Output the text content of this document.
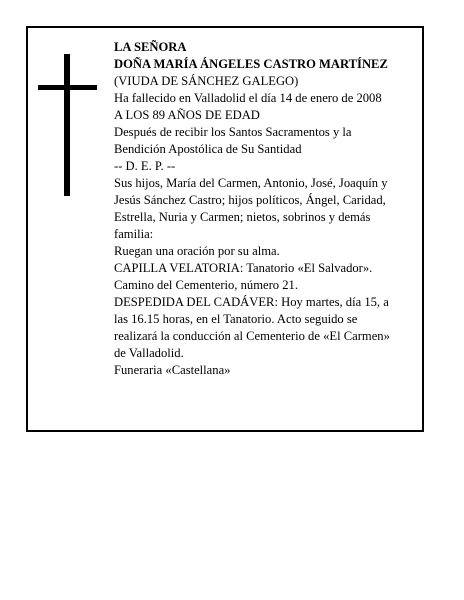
LA SEÑORA
DOÑA MARÍA ÁNGELES CASTRO MARTÍNEZ
(VIUDA DE SÁNCHEZ GALEGO)
Ha fallecido en Valladolid el día 14 de enero de 2008
A LOS 89 AÑOS DE EDAD
Después de recibir los Santos Sacramentos y la
Bendición Apostólica de Su Santidad
-- D. E. P. --
Sus hijos, María del Carmen, Antonio, José, Joaquín y
Jesús Sánchez Castro; hijos políticos, Ángel, Caridad,
Estrella, Nuria y Carmen; nietos, sobrinos y demás
familia:
Ruegan una oración por su alma.
CAPILLA VELATORIA: Tanatorio «El Salvador».
Camino del Cementerio, número 21.
DESPEDIDA DEL CADÁVER: Hoy martes, día 15, a
las 16.15 horas, en el Tanatorio. Acto seguido se
realizará la conducción al Cementerio de «El Carmen»
de Valladolid.
Funeraria «Castellana»
